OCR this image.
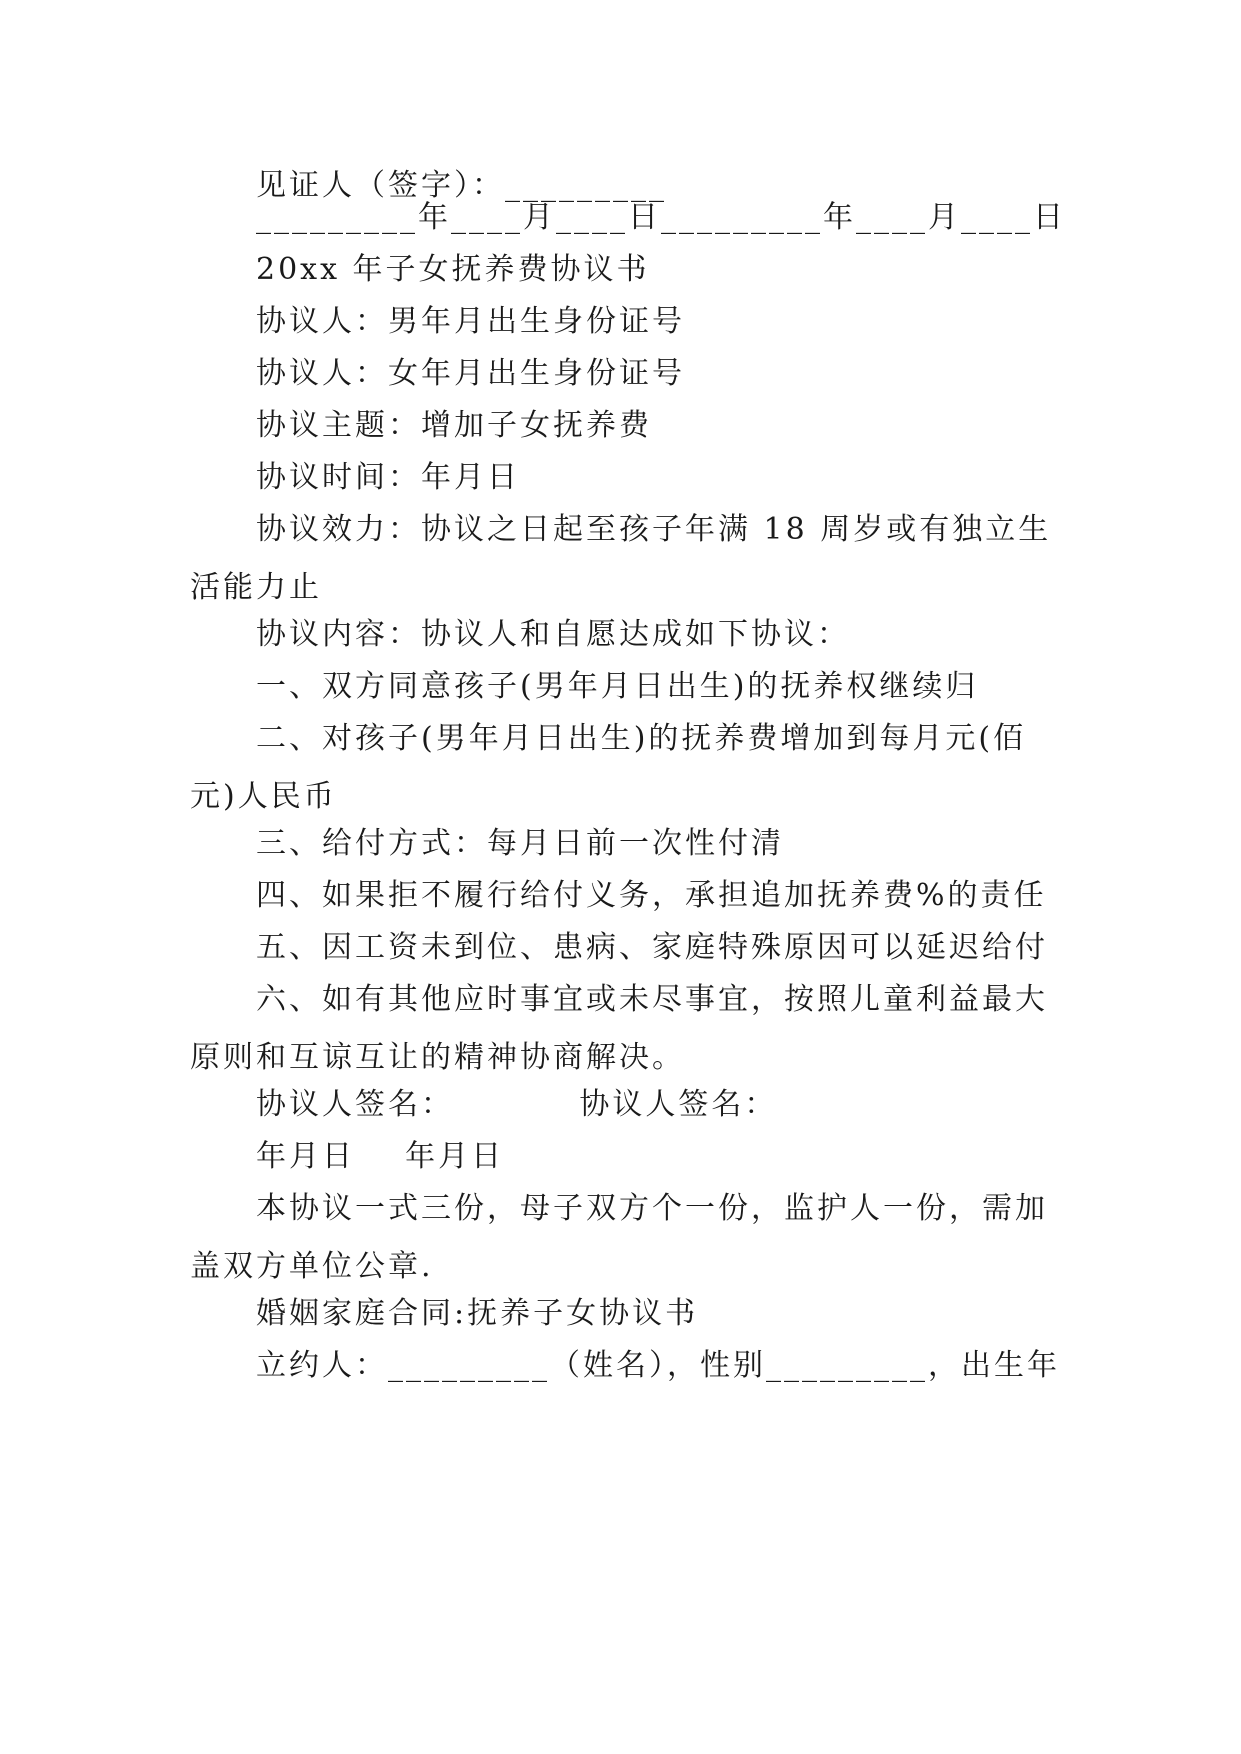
见证人（签字）：_________

_________年____月____日_________年____月____日

20xx 年子女抚养费协议书

协议人：男年月出生身份证号

协议人：女年月出生身份证号

协议主题：增加子女抚养费

协议时间：年月日

协议效力：协议之日起至孩子年满 18 周岁或有独立生
活能力止

协议内容：协议人和自愿达成如下协议：

一、双方同意孩子(男年月日出生)的抚养权继续归

二、对孩子(男年月日出生)的抚养费增加到每月元(佰
元)人民币

三、给付方式：每月日前一次性付清

四、如果拒不履行给付义务，承担追加抚养费%的责任

五、因工资未到位、患病、家庭特殊原因可以延迟给付

六、如有其他应时事宜或未尽事宜，按照儿童利益最大
原则和互谅互让的精神协商解决。

协议人签名：          协议人签名：

年月日    年月日

本协议一式三份，母子双方个一份，监护人一份，需加
盖双方单位公章.

婚姻家庭合同:抚养子女协议书

立约人：_________（姓名），性别_________，出生年
